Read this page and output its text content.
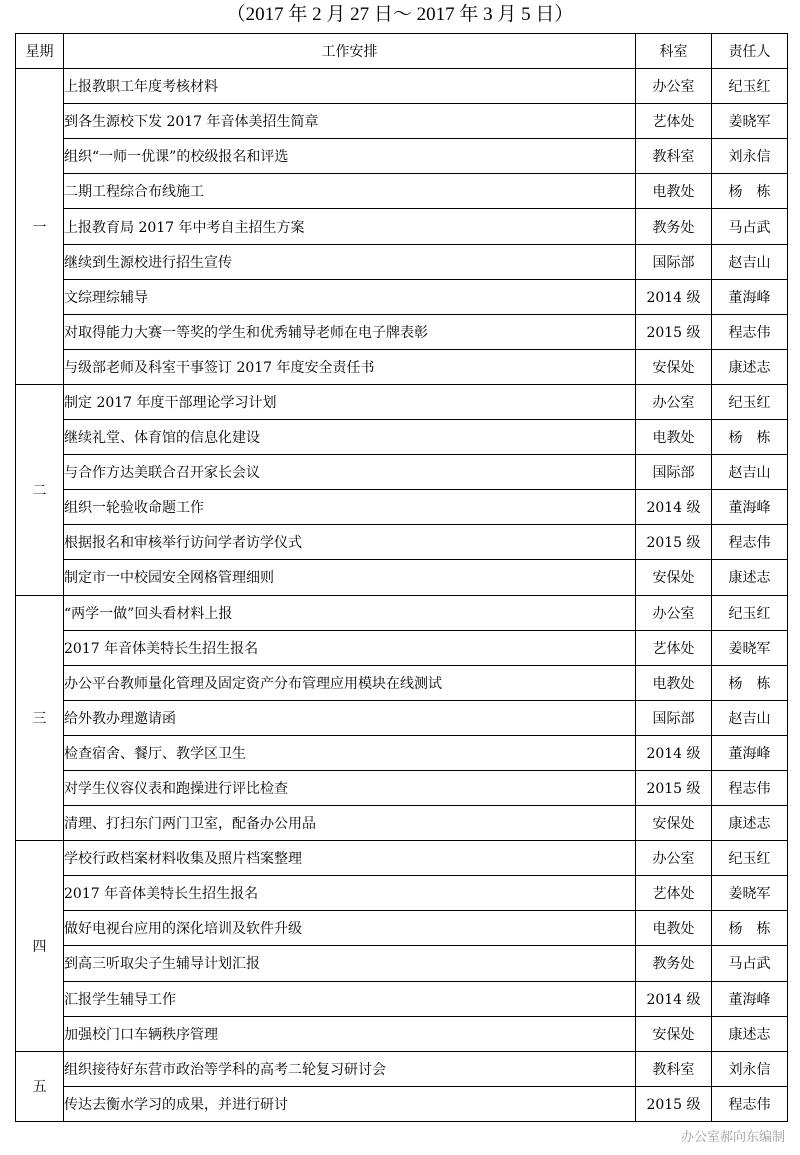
（2017 年 2 月 27 日～ 2017 年 3 月 5 日）
星期	工作安排	科室	责任人
一	上报教职工年度考核材料	办公室	纪玉红
	到各生源校下发 2017 年音体美招生简章	艺体处	姜晓军
	组织“一师一优课”的校级报名和评选	教科室	刘永信
	二期工程综合布线施工	电教处	杨　栋
	上报教育局 2017 年中考自主招生方案	教务处	马占武
	继续到生源校进行招生宣传	国际部	赵吉山
	文综理综辅导	2014 级	董海峰
	对取得能力大赛一等奖的学生和优秀辅导老师在电子牌表彰	2015 级	程志伟
	与级部老师及科室干事签订 2017 年度安全责任书	安保处	康述志
二	制定 2017 年度干部理论学习计划	办公室	纪玉红
	继续礼堂、体育馆的信息化建设	电教处	杨　栋
	与合作方达美联合召开家长会议	国际部	赵吉山
	组织一轮验收命题工作	2014 级	董海峰
	根据报名和审核举行访问学者访学仪式	2015 级	程志伟
	制定市一中校园安全网格管理细则	安保处	康述志
三	“两学一做”回头看材料上报	办公室	纪玉红
	2017 年音体美特长生招生报名	艺体处	姜晓军
	办公平台教师量化管理及固定资产分布管理应用模块在线测试	电教处	杨　栋
	给外教办理邀请函	国际部	赵吉山
	检查宿舍、餐厅、教学区卫生	2014 级	董海峰
	对学生仪容仪表和跑操进行评比检查	2015 级	程志伟
	清理、打扫东门两门卫室，配备办公用品	安保处	康述志
四	学校行政档案材料收集及照片档案整理	办公室	纪玉红
	2017 年音体美特长生招生报名	艺体处	姜晓军
	做好电视台应用的深化培训及软件升级	电教处	杨　栋
	到高三听取尖子生辅导计划汇报	教务处	马占武
	汇报学生辅导工作	2014 级	董海峰
	加强校门口车辆秩序管理	安保处	康述志
五	组织接待好东营市政治等学科的高考二轮复习研讨会	教科室	刘永信
	传达去衡水学习的成果，并进行研讨	2015 级	程志伟
办公室郝向东编制
